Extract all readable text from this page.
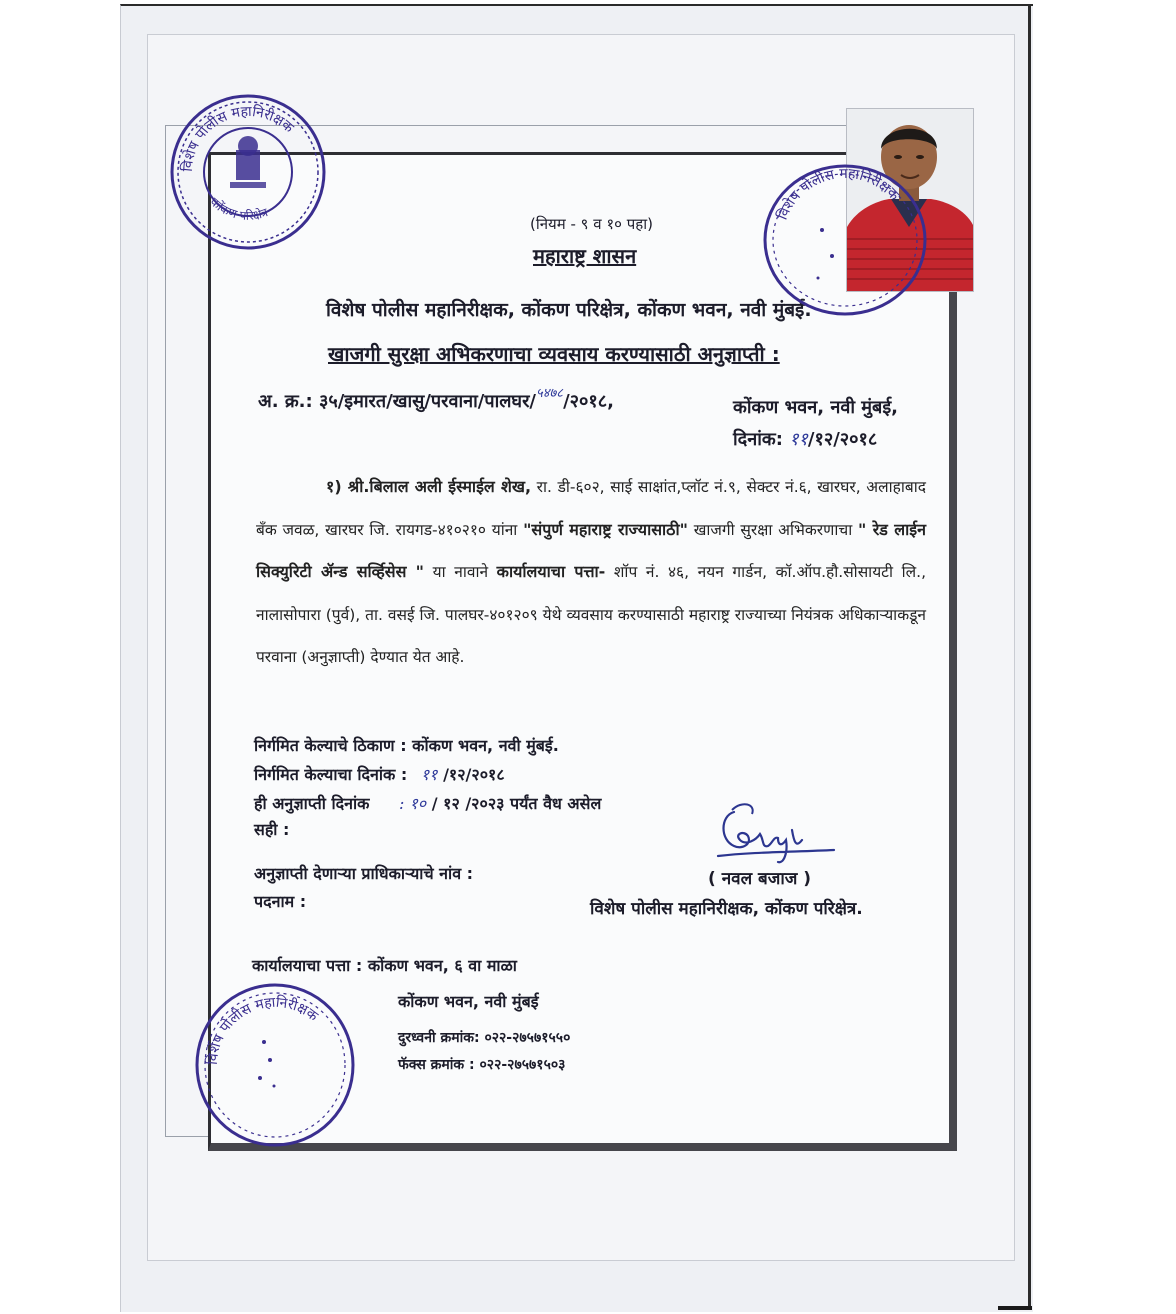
(नियम - ९ व १० पहा)
महाराष्ट्र शासन
विशेष पोलीस महानिरीक्षक, कोंकण परिक्षेत्र, कोंकण भवन, नवी मुंबई.
खाजगी सुरक्षा अभिकरणाचा व्यवसाय करण्यासाठी अनुज्ञाप्ती :
अ. क्र.: ३५/इमारत/खासु/परवाना/पालघर/$^{५४७८}$/२०१८,	कोंकण भवन, नवी मुंबई,
दिनांक: ११/१२/२०१८
१) श्री.बिलाल अली ईस्माईल शेख, रा. डी-६०२, साई साक्षांत,प्लॉट नं.९, सेक्टर नं.६, खारघर, अलाहाबाद बँक जवळ, खारघर जि. रायगड-४१०२१० यांना "संपुर्ण महाराष्ट्र राज्यासाठी" खाजगी सुरक्षा अभिकरणाचा " रेड लाईन सिक्युरिटी ॲन्ड सर्व्हिसेस " या नावाने कार्यालयाचा पत्ता- शॉप नं. ४६, नयन गार्डन, कॉ.ऑप.हौ.सोसायटी लि., नालासोपारा (पुर्व), ता. वसई जि. पालघर-४०१२०९ येथे व्यवसाय करण्यासाठी महाराष्ट्र राज्याच्या नियंत्रक अधिकाऱ्याकडून परवाना (अनुज्ञाप्ती) देण्यात येत आहे.
निर्गमित केल्याचे ठिकाण : कोंकण भवन, नवी मुंबई.
निर्गमित केल्याचा दिनांक : ११ /१२/२०१८
ही अनुज्ञाप्ती दिनांक : १० / १२ /२०२३ पर्यंत वैध असेल
सही :
अनुज्ञाप्ती देणाऱ्या प्राधिकाऱ्याचे नांव :	( नवल बजाज )
पदनाम :	विशेष पोलीस महानिरीक्षक, कोंकण परिक्षेत्र.
कार्यालयाचा पत्ता : कोंकण भवन, ६ वा माळा
कोंकण भवन, नवी मुंबई
दुरध्वनी क्रमांक: ०२२-२७५७१५५०
फॅक्स क्रमांक : ०२२-२७५७१५०३
विशेष पोलीस महानिरीक्षक
कोंकण परिक्षेत्र	विशेष पोलीस महानिरीक्षक
विशेष पोलीस महानिरीक्षक
